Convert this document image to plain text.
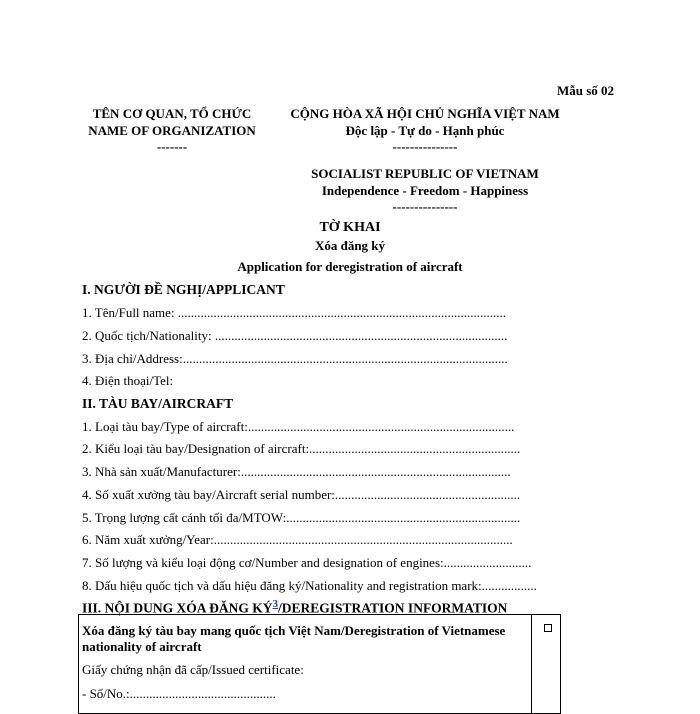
Mẫu số 02
TÊN CƠ QUAN, TỔ CHỨC
NAME OF ORGANIZATION
-------
CỘNG HÒA XÃ HỘI CHỦ NGHĨA VIỆT NAM
Độc lập - Tự do - Hạnh phúc
---------------
SOCIALIST REPUBLIC OF VIETNAM
Independence - Freedom - Happiness
---------------
TỜ KHAI
Xóa đăng ký
Application for deregistration of aircraft
I. NGƯỜI ĐỀ NGHỊ/APPLICANT
1. Tên/Full name: .....................................................................................................
2. Quốc tịch/Nationality: ..........................................................................................
3. Địa chỉ/Address:....................................................................................................
4. Điện thoại/Tel:
II. TÀU BAY/AIRCRAFT
1. Loại tàu bay/Type of aircraft:..................................................................................
2. Kiểu loại tàu bay/Designation of aircraft:.................................................................
3. Nhà sản xuất/Manufacturer:...................................................................................
4. Số xuất xưởng tàu bay/Aircraft serial number:.........................................................
5. Trọng lượng cất cánh tối đa/MTOW:........................................................................
6. Năm xuất xưởng/Year:............................................................................................
7. Số lượng và kiểu loại động cơ/Number and designation of engines:...........................
8. Dấu hiệu quốc tịch và dấu hiệu đăng ký/Nationality and registration mark:.................
III. NỘI DUNG XÓA ĐĂNG KÝ$^3$/DEREGISTRATION INFORMATION
Xóa đăng ký tàu bay mang quốc tịch Việt Nam/Deregistration of Vietnamese
nationality of aircraft
Giấy chứng nhận đã cấp/Issued certificate:
- Số/No.:.............................................
